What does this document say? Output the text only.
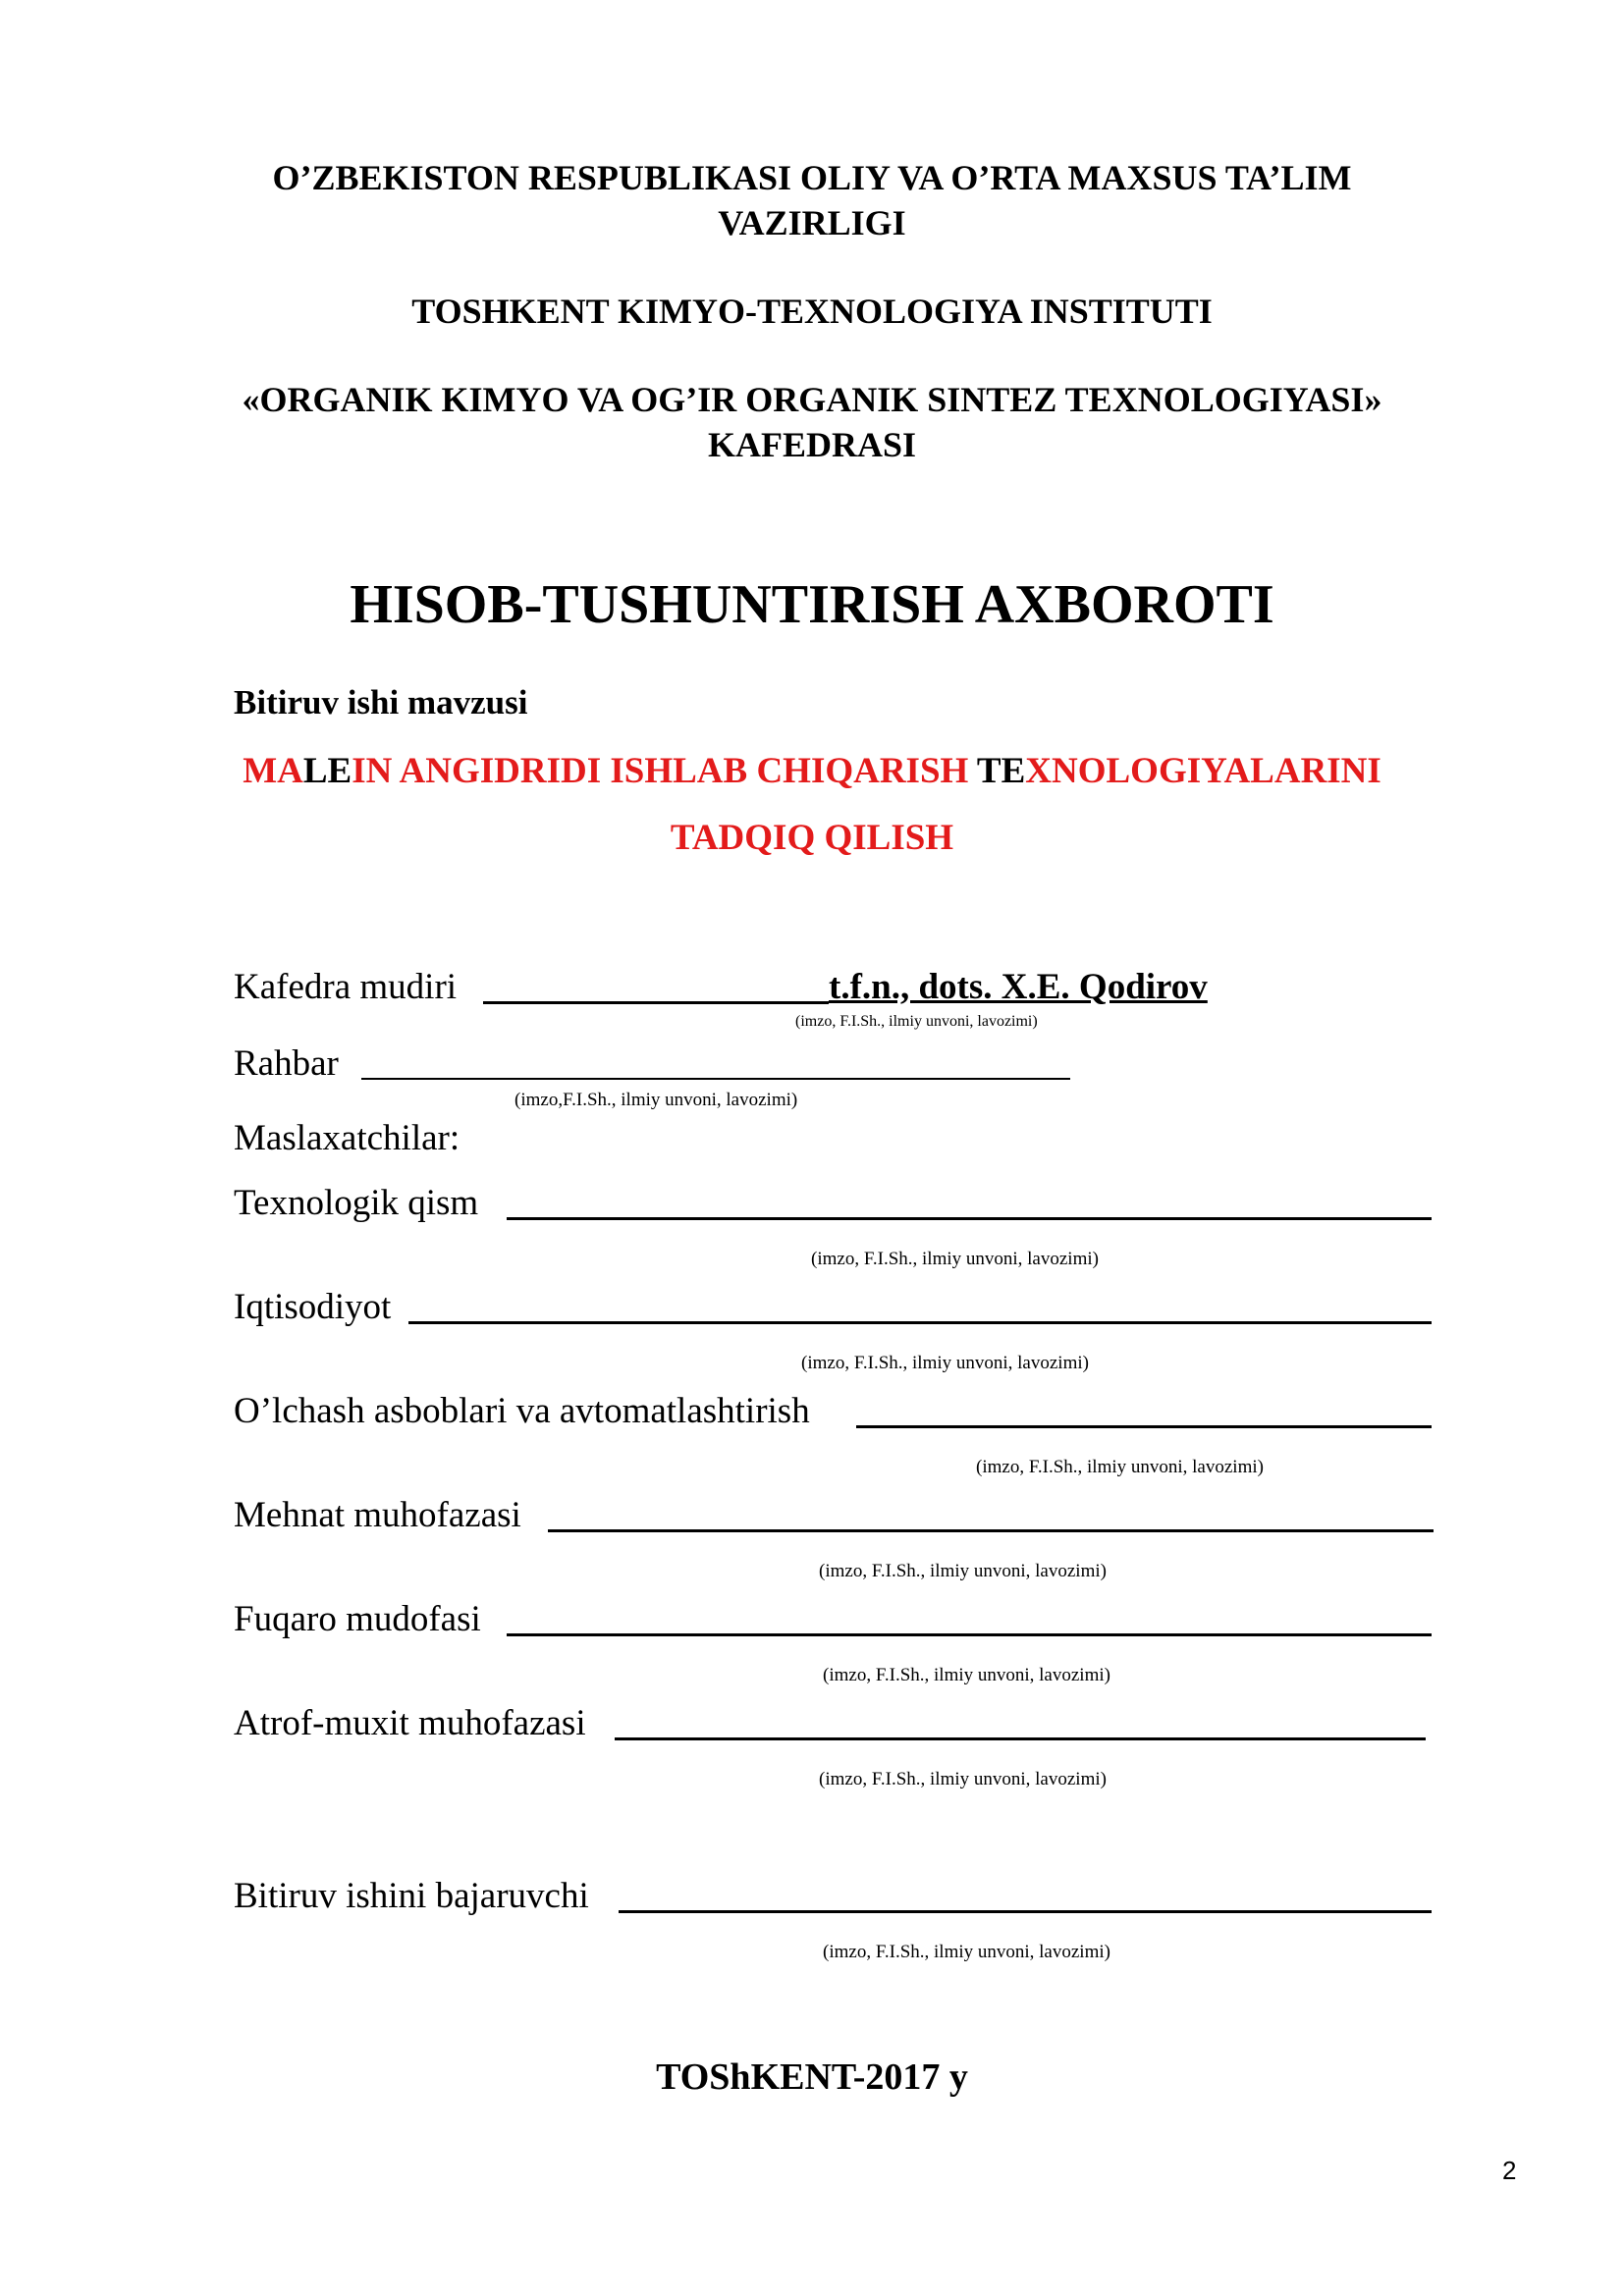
O’ZBEKISTON RESPUBLIKASI OLIY VA O’RTA MAXSUS TA’LIM
VAZIRLIGI
TOSHKENT KIMYO-TEXNOLOGIYA INSTITUTI
«ORGANIK KIMYO VA OG’IR ORGANIK SINTEZ TEXNOLOGIYASI»
KAFEDRASI
HISOB-TUSHUNTIRISH AXBOROTI
Bitiruv ishi mavzusi
MALEIN ANGIDRIDI ISHLAB CHIQARISH TEXNOLOGIYALARINI
TADQIQ QILISH
Kafedra mudiri	t.f.n., dots. X.E. Qodirov
(imzo, F.I.Sh., ilmiy unvoni, lavozimi)
Rahbar
(imzo,F.I.Sh., ilmiy unvoni, lavozimi)
Maslaxatchilar:
Texnologik qism
(imzo, F.I.Sh., ilmiy unvoni, lavozimi)
Iqtisodiyot
(imzo, F.I.Sh., ilmiy unvoni, lavozimi)
O’lchash asboblari va avtomatlashtirish
(imzo, F.I.Sh., ilmiy unvoni, lavozimi)
Mehnat muhofazasi
(imzo, F.I.Sh., ilmiy unvoni, lavozimi)
Fuqaro mudofasi
(imzo, F.I.Sh., ilmiy unvoni, lavozimi)
Atrof-muxit muhofazasi
(imzo, F.I.Sh., ilmiy unvoni, lavozimi)
Bitiruv ishini bajaruvchi
(imzo, F.I.Sh., ilmiy unvoni, lavozimi)
TOShKENT-2017 y
2
